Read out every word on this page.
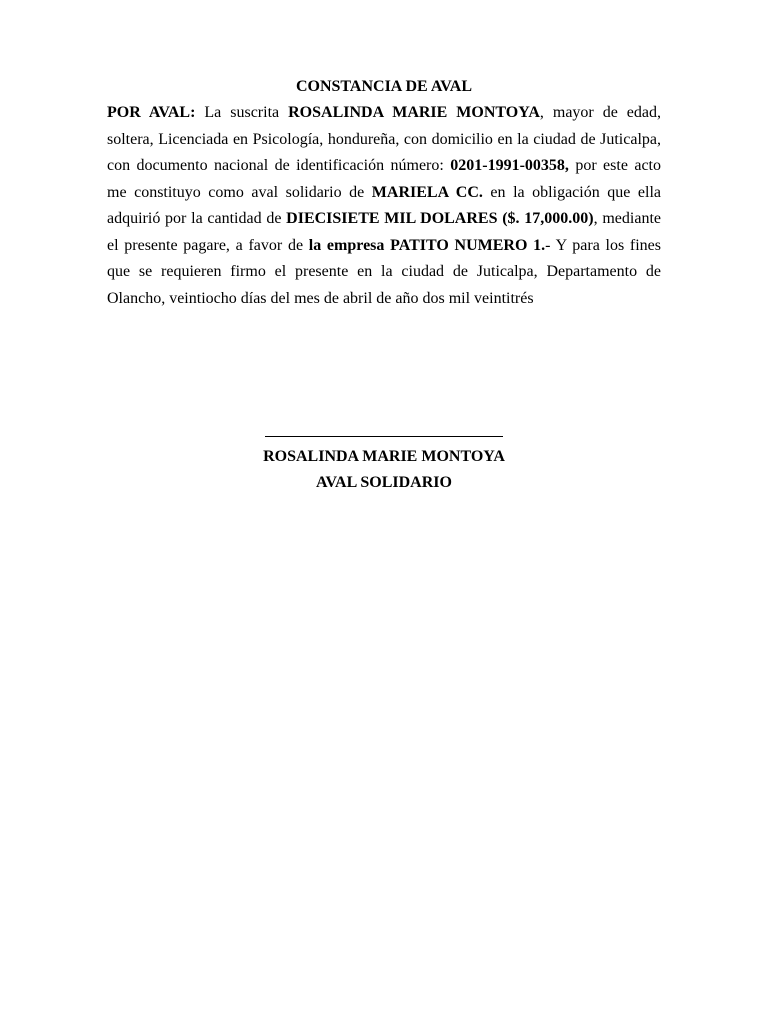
CONSTANCIA DE AVAL

POR AVAL: La suscrita ROSALINDA MARIE MONTOYA, mayor de edad, soltera, Licenciada en Psicología, hondureña, con domicilio en la ciudad de Juticalpa, con documento nacional de identificación número: 0201-1991-00358, por este acto me constituyo como aval solidario de MARIELA CC. en la obligación que ella adquirió por la cantidad de DIECISIETE MIL DOLARES ($. 17,000.00), mediante el presente pagare, a favor de la empresa PATITO NUMERO 1.- Y para los fines que se requieren firmo el presente en la ciudad de Juticalpa, Departamento de Olancho, veintiocho días del mes de abril de año dos mil veintitrés

ROSALINDA MARIE MONTOYA

AVAL SOLIDARIO
